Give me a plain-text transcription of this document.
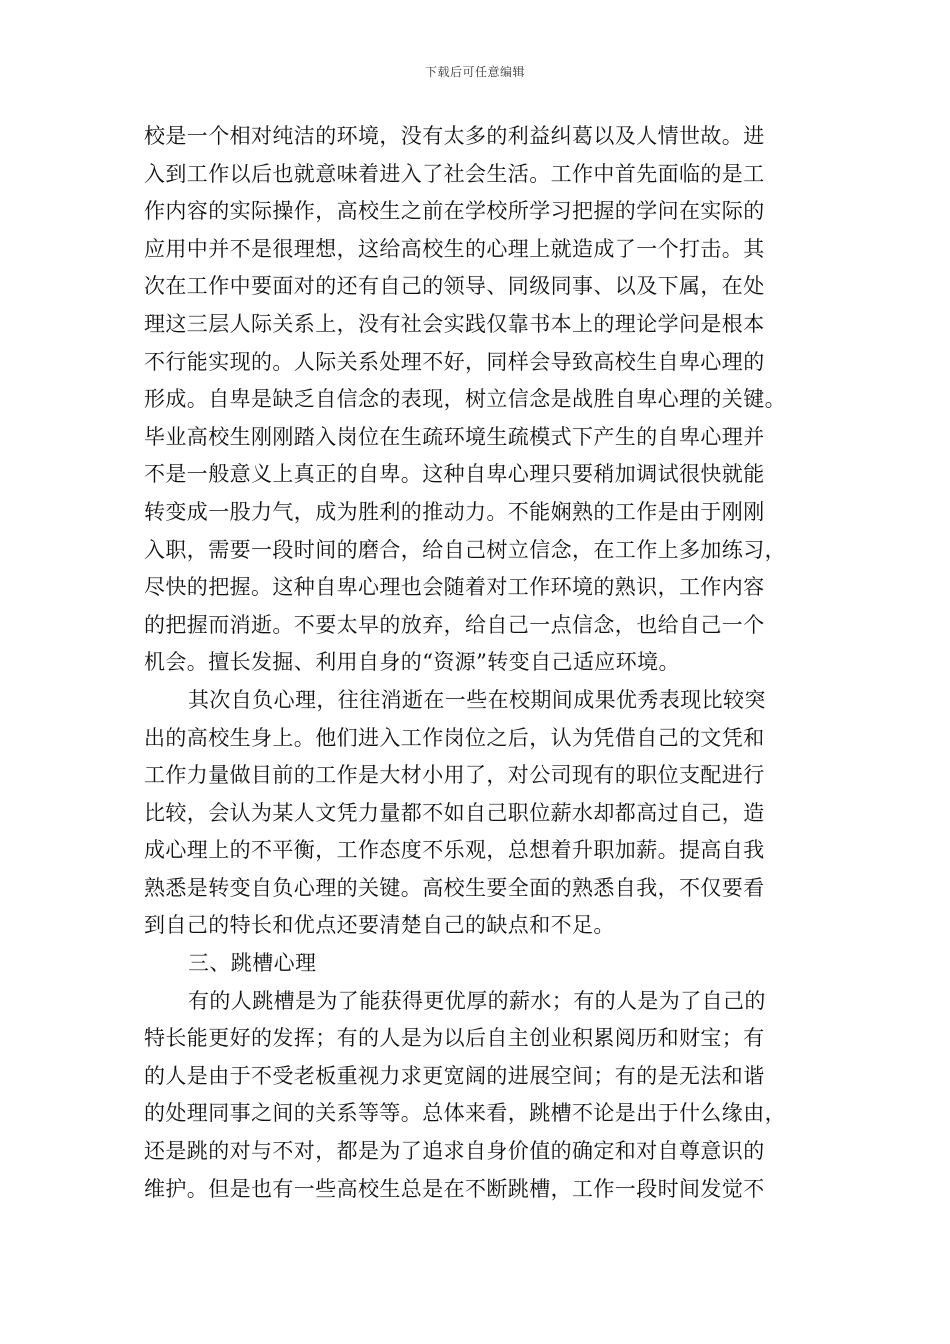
下载后可任意编辑
校是一个相对纯洁的环境，没有太多的利益纠葛以及人情世故。进
入到工作以后也就意味着进入了社会生活。工作中首先面临的是工
作内容的实际操作，高校生之前在学校所学习把握的学问在实际的
应用中并不是很理想，这给高校生的心理上就造成了一个打击。其
次在工作中要面对的还有自己的领导、同级同事、以及下属，在处
理这三层人际关系上，没有社会实践仅靠书本上的理论学问是根本
不行能实现的。人际关系处理不好，同样会导致高校生自卑心理的
形成。自卑是缺乏自信念的表现，树立信念是战胜自卑心理的关键。
毕业高校生刚刚踏入岗位在生疏环境生疏模式下产生的自卑心理并
不是一般意义上真正的自卑。这种自卑心理只要稍加调试很快就能
转变成一股力气，成为胜利的推动力。不能娴熟的工作是由于刚刚
入职，需要一段时间的磨合，给自己树立信念，在工作上多加练习，
尽快的把握。这种自卑心理也会随着对工作环境的熟识，工作内容
的把握而消逝。不要太早的放弃，给自己一点信念，也给自己一个
机会。擅长发掘、利用自身的“资源”转变自己适应环境。
其次自负心理，往往消逝在一些在校期间成果优秀表现比较突
出的高校生身上。他们进入工作岗位之后，认为凭借自己的文凭和
工作力量做目前的工作是大材小用了，对公司现有的职位支配进行
比较，会认为某人文凭力量都不如自己职位薪水却都高过自己，造
成心理上的不平衡，工作态度不乐观，总想着升职加薪。提高自我
熟悉是转变自负心理的关键。高校生要全面的熟悉自我，不仅要看
到自己的特长和优点还要清楚自己的缺点和不足。
三、跳槽心理
有的人跳槽是为了能获得更优厚的薪水；有的人是为了自己的
特长能更好的发挥；有的人是为以后自主创业积累阅历和财宝；有
的人是由于不受老板重视力求更宽阔的进展空间；有的是无法和谐
的处理同事之间的关系等等。总体来看，跳槽不论是出于什么缘由，
还是跳的对与不对，都是为了追求自身价值的确定和对自尊意识的
维护。但是也有一些高校生总是在不断跳槽，工作一段时间发觉不
